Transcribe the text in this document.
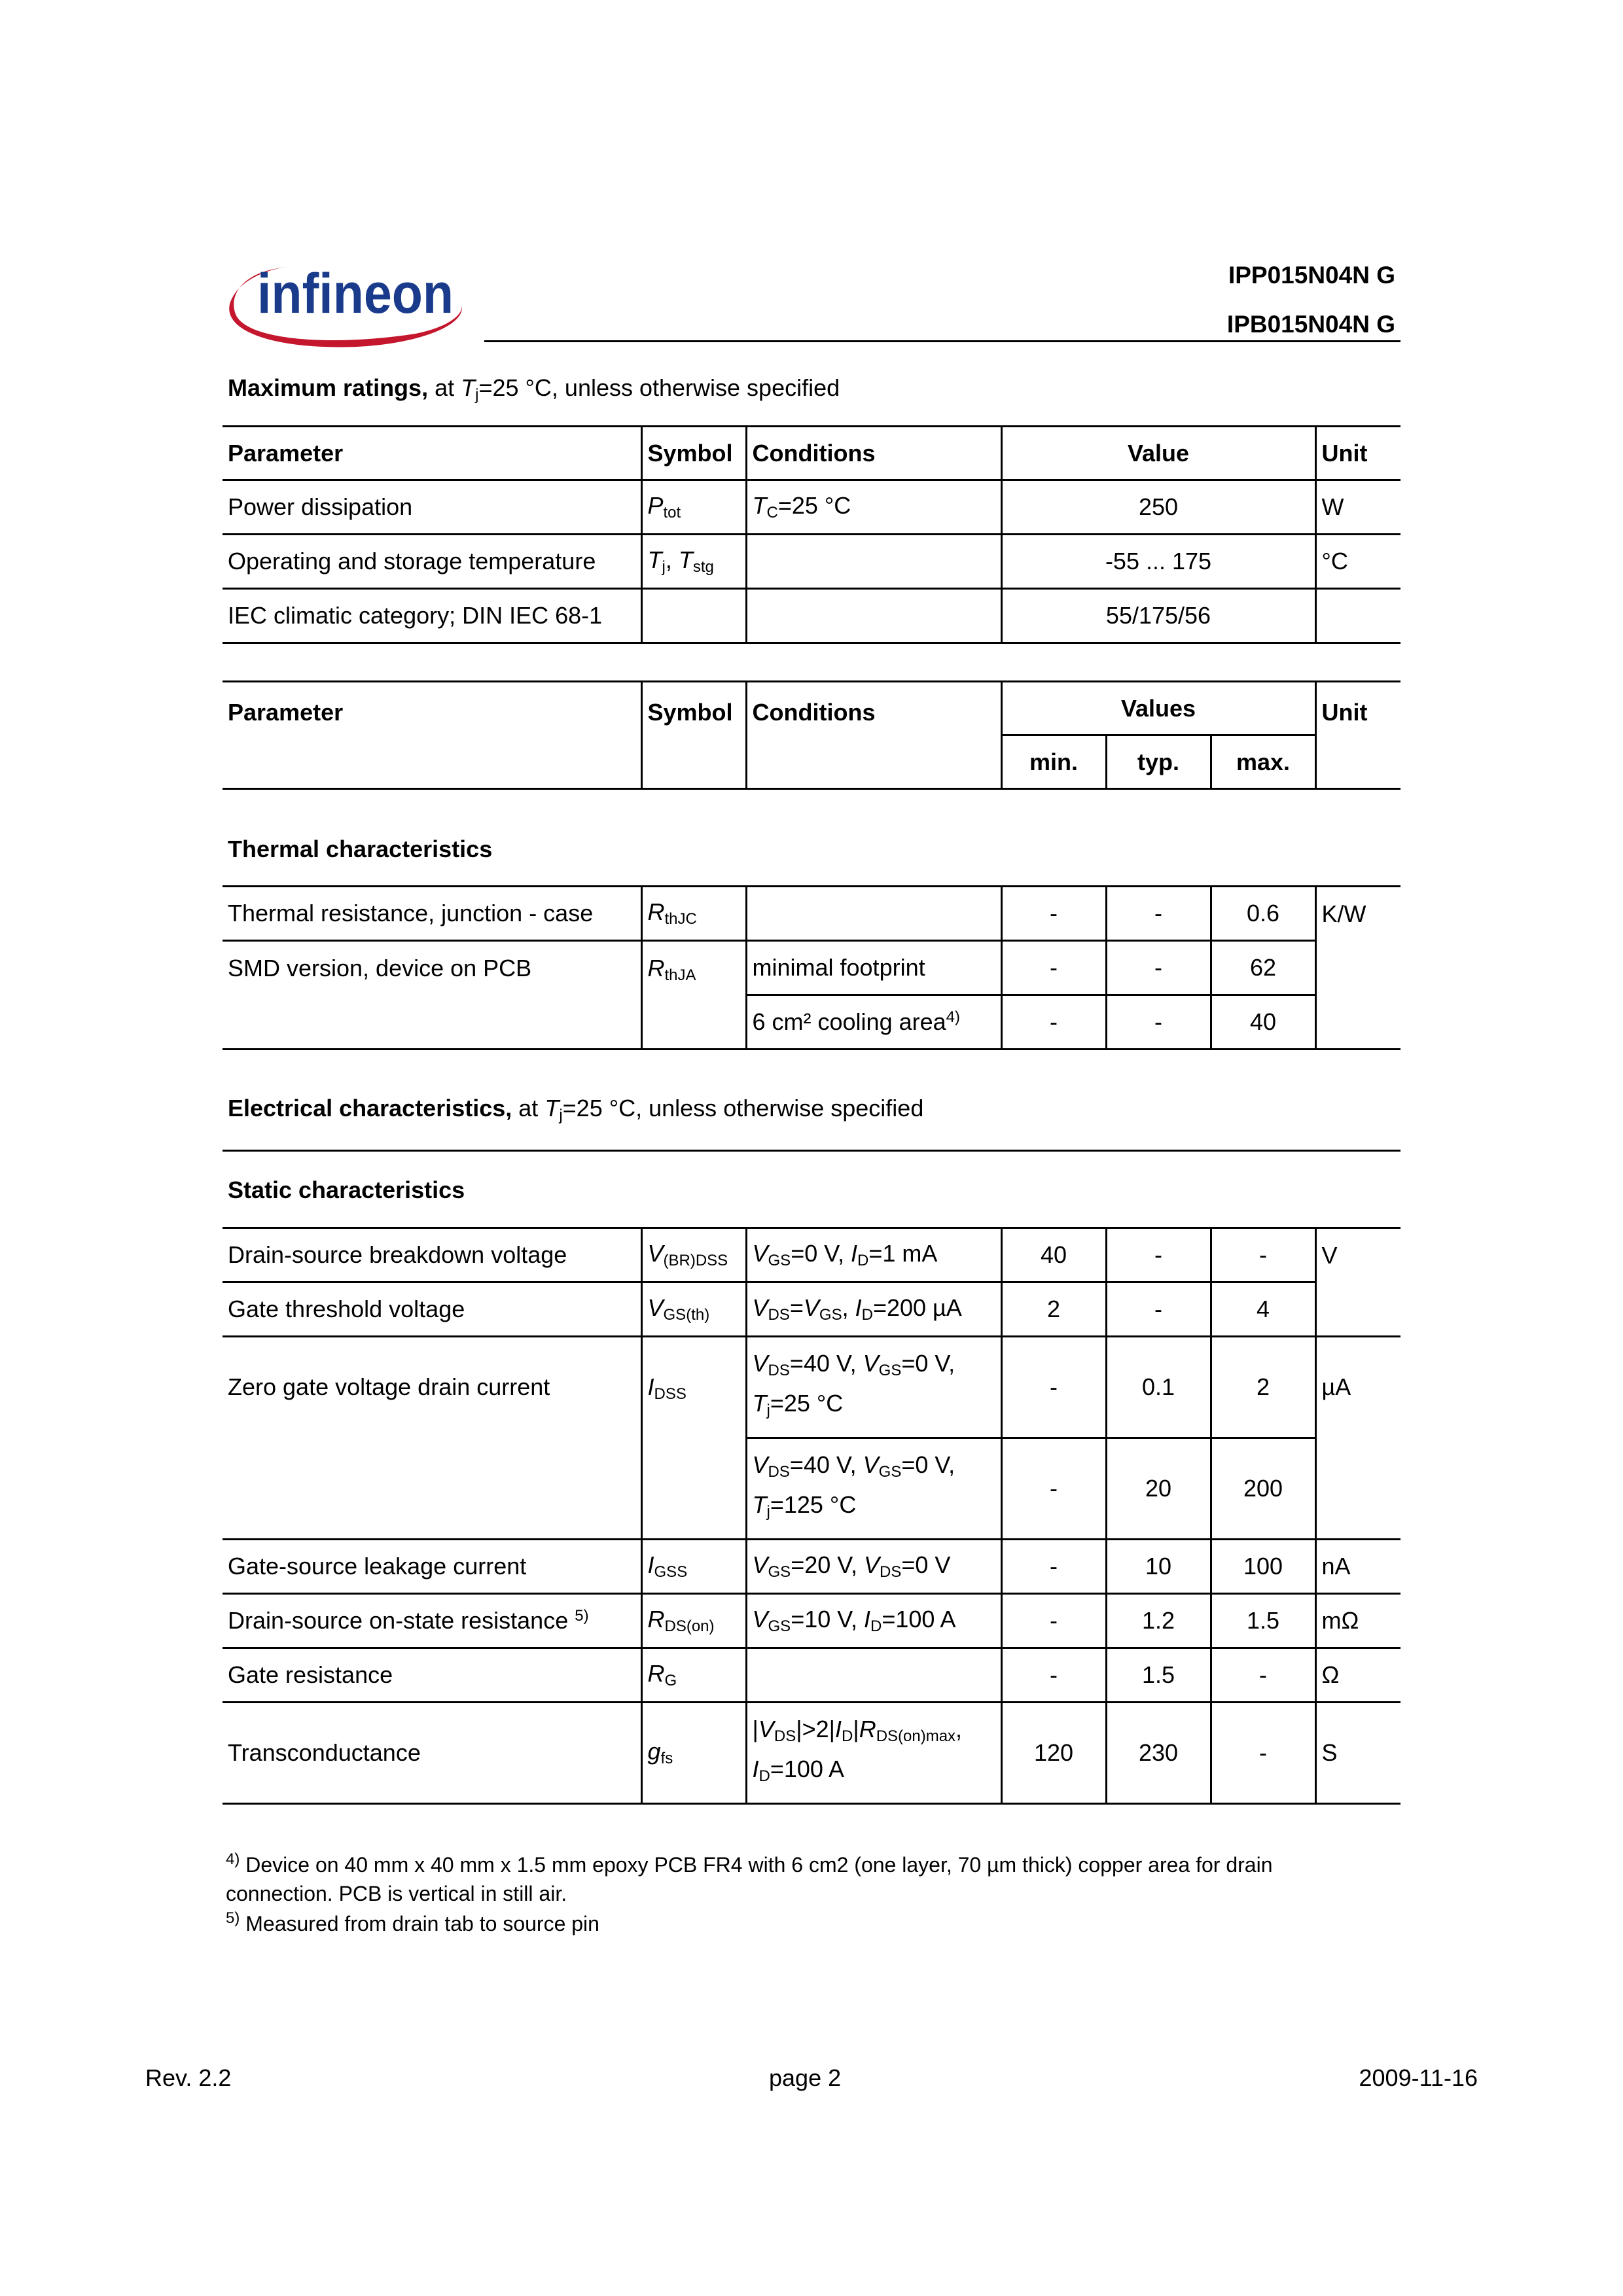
infineon	IPP015N04N G
IPB015N04N G
Maximum ratings, at $T_j=25$ °C, unless otherwise specified
Parameter	Symbol	Conditions	Value	Unit
Power dissipation	$P_{tot}$	$T_C=25$ °C	250	W
Operating and storage temperature	$T_j$, $T_{stg}$		-55 ... 175	°C
IEC climatic category; DIN IEC 68-1			55/175/56	
Parameter	Symbol	Conditions	Values			Unit
			min.	typ.	max.	
Thermal characteristics
Thermal resistance, junction - case	$R_{thJC}$		-	-	0.6	K/W
SMD version, device on PCB	$R_{thJA}$	minimal footprint	-	-	62	
		6 cm² cooling area$^{4)}$	-	-	40	
Electrical characteristics, at $T_j=25$ °C, unless otherwise specified
Static characteristics
Drain-source breakdown voltage	$V_{(BR)DSS}$	$V_{GS}=0$ V, $I_D=1$ mA	40	-	-	V
Gate threshold voltage	$V_{GS(th)}$	$V_{DS}=V_{GS}$, $I_D=200$ µA	2	-	4	
Zero gate voltage drain current	$I_{DSS}$	$V_{DS}=40$ V, $V_{GS}=0$ V,
$T_j=25$ °C	-	0.1	2	µA
		$V_{DS}=40$ V, $V_{GS}=0$ V,
$T_j=125$ °C	-	20	200	
Gate-source leakage current	$I_{GSS}$	$V_{GS}=20$ V, $V_{DS}=0$ V	-	10	100	nA
Drain-source on-state resistance $^{5)}$	$R_{DS(on)}$	$V_{GS}=10$ V, $I_D=100$ A	-	1.2	1.5	mΩ
Gate resistance	$R_G$		-	1.5	-	Ω
Transconductance	$g_{fs}$	$|V_{DS}|>2|I_D|R_{DS(on)max}$,
$I_D=100$ A	120	230	-	S
$^{4)}$ Device on 40 mm x 40 mm x 1.5 mm epoxy PCB FR4 with 6 cm2 (one layer, 70 µm thick) copper area for drain
connection. PCB is vertical in still air.
$^{5)}$ Measured from drain tab to source pin
Rev. 2.2	page 2	2009-11-16
